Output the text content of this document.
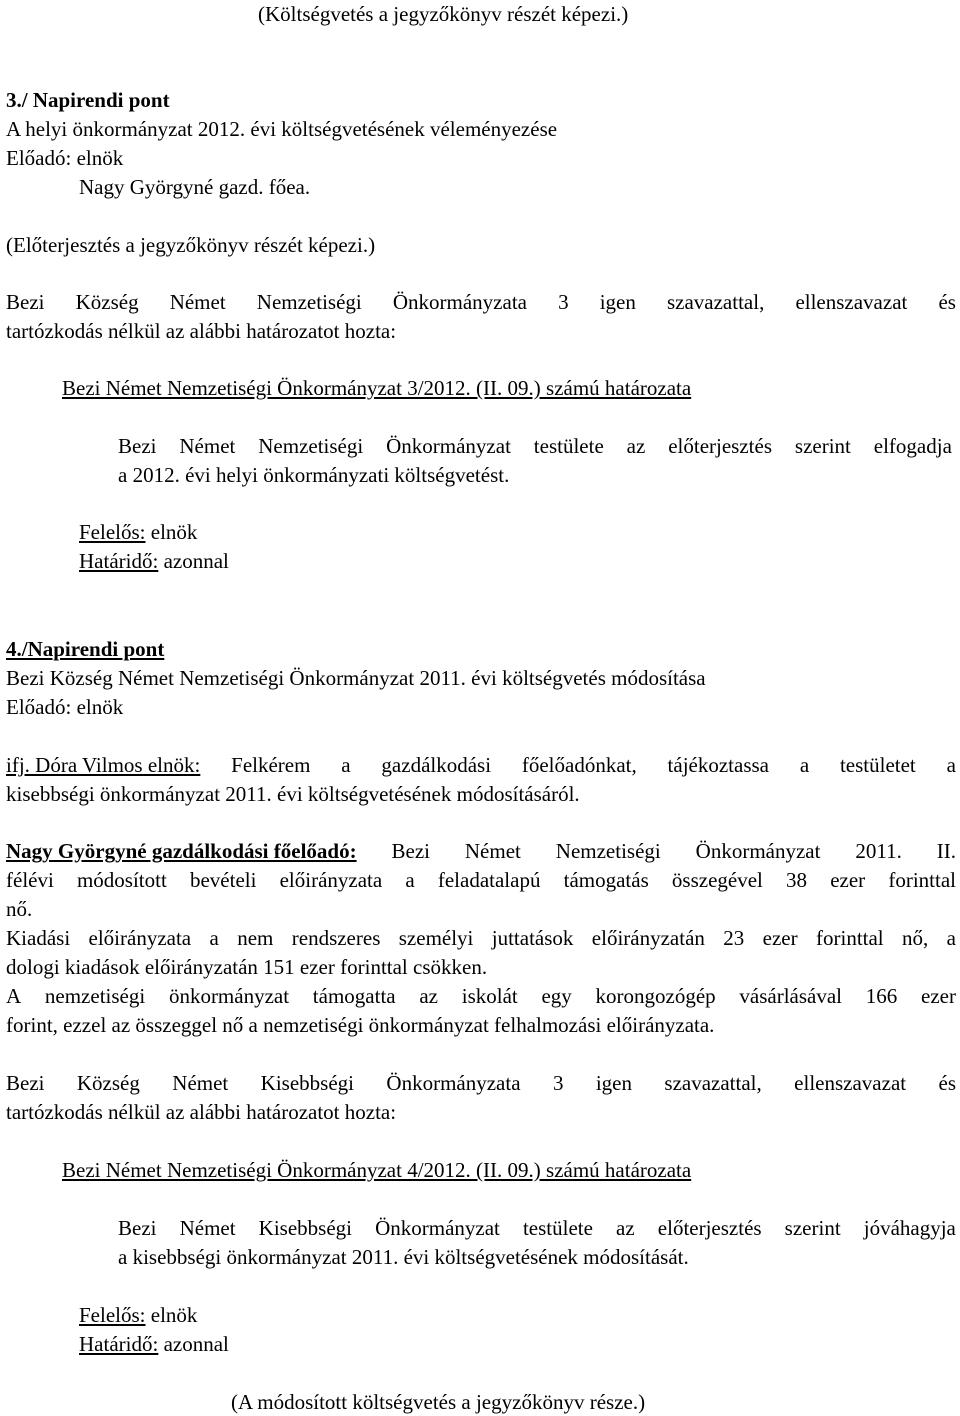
(Költségvetés a jegyzőkönyv részét képezi.)
3./ Napirendi pont
A helyi önkormányzat 2012. évi költségvetésének véleményezése
Előadó: elnök
Nagy Györgyné gazd. főea.
(Előterjesztés a jegyzőkönyv részét képezi.)
Bezi Község Német Nemzetiségi Önkormányzata 3 igen szavazattal, ellenszavazat és
tartózkodás nélkül az alábbi határozatot hozta:
Bezi Német Nemzetiségi Önkormányzat 3/2012. (II. 09.) számú határozata
Bezi Német Nemzetiségi Önkormányzat testülete az előterjesztés szerint elfogadja
a 2012. évi helyi önkormányzati költségvetést.
Felelős: elnök
Határidő: azonnal
4./Napirendi pont
Bezi Község Német Nemzetiségi Önkormányzat 2011. évi költségvetés módosítása
Előadó: elnök
ifj. Dóra Vilmos elnök: Felkérem a gazdálkodási főelőadónkat, tájékoztassa a testületet a
kisebbségi önkormányzat 2011. évi költségvetésének módosításáról.
Nagy Györgyné gazdálkodási főelőadó: Bezi Német Nemzetiségi Önkormányzat 2011. II.
félévi módosított bevételi előirányzata a feladatalapú támogatás összegével 38 ezer forinttal
nő.
Kiadási előirányzata a nem rendszeres személyi juttatások előirányzatán 23 ezer forinttal nő, a
dologi kiadások előirányzatán 151 ezer forinttal csökken.
A nemzetiségi önkormányzat támogatta az iskolát egy korongozógép vásárlásával 166 ezer
forint, ezzel az összeggel nő a nemzetiségi önkormányzat felhalmozási előirányzata.
Bezi Község Német Kisebbségi Önkormányzata 3 igen szavazattal, ellenszavazat és
tartózkodás nélkül az alábbi határozatot hozta:
Bezi Német Nemzetiségi Önkormányzat 4/2012. (II. 09.) számú határozata
Bezi Német Kisebbségi Önkormányzat testülete az előterjesztés szerint jóváhagyja
a kisebbségi önkormányzat 2011. évi költségvetésének módosítását.
Felelős: elnök
Határidő: azonnal
(A módosított költségvetés a jegyzőkönyv része.)
